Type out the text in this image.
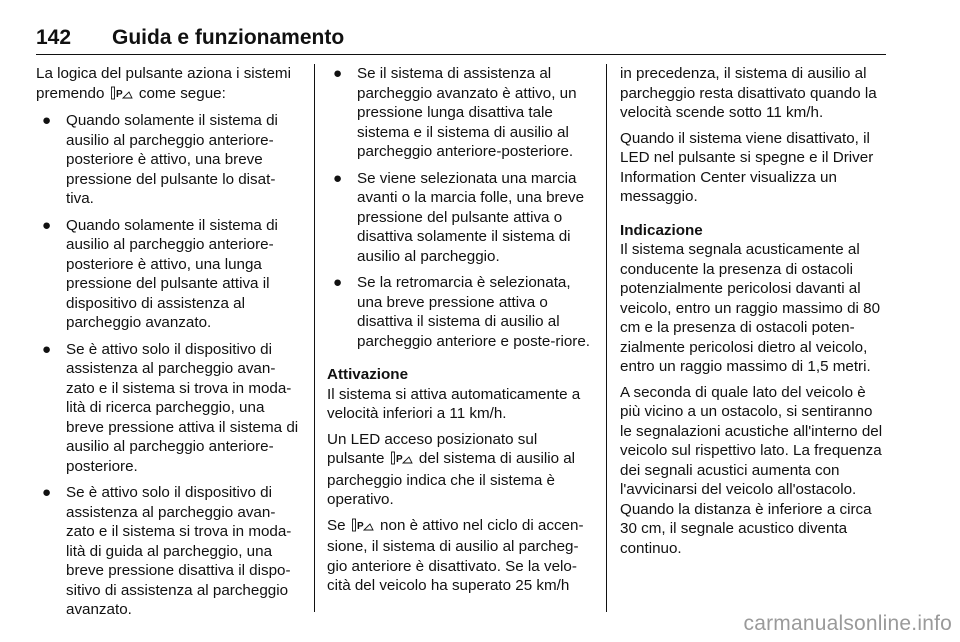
142 Guida e funzionamento

La logica del pulsante aziona i sistemi premendo P come segue:

● Quando solamente il sistema di ausilio al parcheggio anteriore-posteriore è attivo, una breve pressione del pulsante lo disat-tiva.
● Quando solamente il sistema di ausilio al parcheggio anteriore-posteriore è attivo, una lunga pressione del pulsante attiva il dispositivo di assistenza al parcheggio avanzato.
● Se è attivo solo il dispositivo di assistenza al parcheggio avan-zato e il sistema si trova in moda-lità di ricerca parcheggio, una breve pressione attiva il sistema di ausilio al parcheggio anteriore-posteriore.
● Se è attivo solo il dispositivo di assistenza al parcheggio avan-zato e il sistema si trova in moda-lità di guida al parcheggio, una breve pressione disattiva il dispo-sitivo di assistenza al parcheggio avanzato.
● Se il sistema di assistenza al parcheggio avanzato è attivo, un pressione lunga disattiva tale sistema e il sistema di ausilio al parcheggio anteriore-posteriore.
● Se viene selezionata una marcia avanti o la marcia folle, una breve pressione del pulsante attiva o disattiva solamente il sistema di ausilio al parcheggio.
● Se la retromarcia è selezionata, una breve pressione attiva o disattiva il sistema di ausilio al parcheggio anteriore e poste-riore.
Attivazione

Il sistema si attiva automaticamente a velocità inferiori a 11 km/h.

Un LED acceso posizionato sul pulsante P del sistema di ausilio al parcheggio indica che il sistema è operativo.

Se P non è attivo nel ciclo di accen-sione, il sistema di ausilio al parcheg-gio anteriore è disattivato. Se la velo-cità del veicolo ha superato 25 km/h

in precedenza, il sistema di ausilio al parcheggio resta disattivato quando la velocità scende sotto 11 km/h.

Quando il sistema viene disattivato, il LED nel pulsante si spegne e il Driver Information Center visualizza un messaggio.

Indicazione

Il sistema segnala acusticamente al conducente la presenza di ostacoli potenzialmente pericolosi davanti al veicolo, entro un raggio massimo di 80 cm e la presenza di ostacoli poten-zialmente pericolosi dietro al veicolo, entro un raggio massimo di 1,5 metri.

A seconda di quale lato del veicolo è più vicino a un ostacolo, si sentiranno le segnalazioni acustiche all'interno del veicolo sul rispettivo lato. La frequenza dei segnali acustici aumenta con l'avvicinarsi del veicolo all'ostacolo. Quando la distanza è inferiore a circa 30 cm, il segnale acustico diventa continuo.

carmanualsonline.info
